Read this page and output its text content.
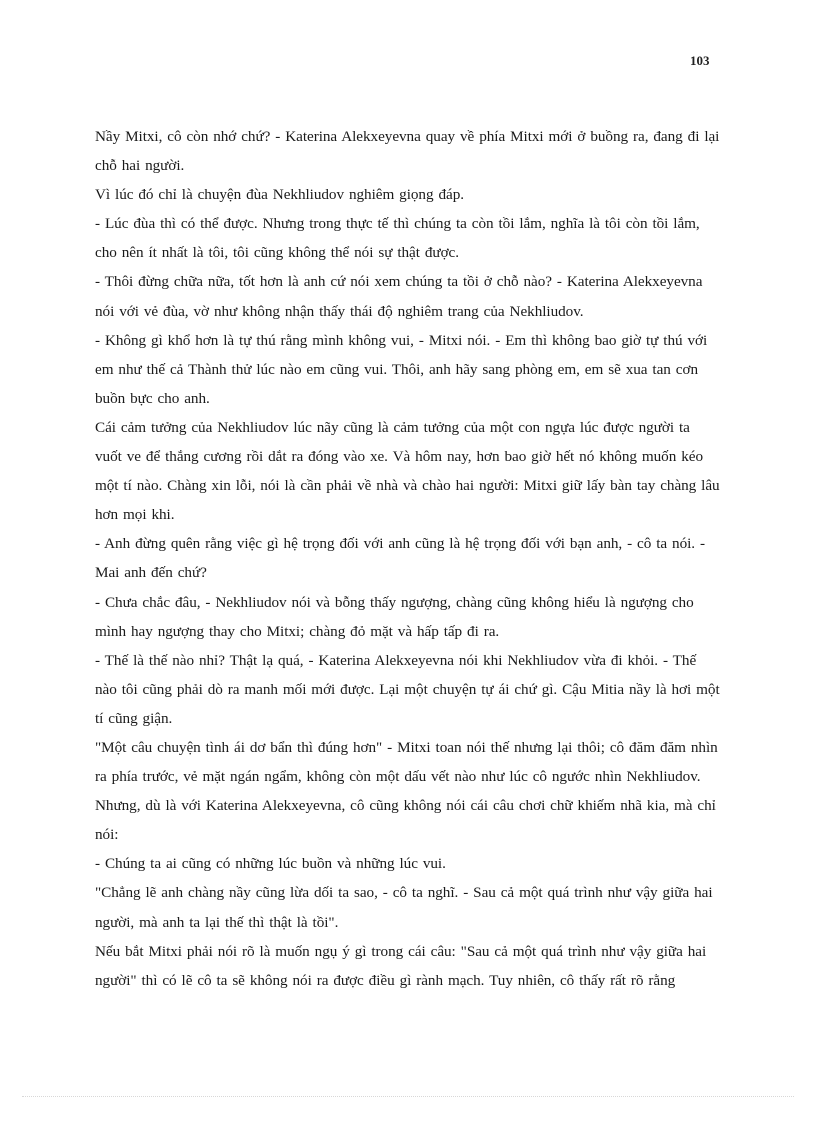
103

Nầy Mitxi, cô còn nhớ chứ? - Katerina Alekxeyevna quay về phía Mitxi mới ở buồng ra, đang đi lại chỗ hai người.

Vì lúc đó chỉ là chuyện đùa Nekhliudov nghiêm giọng đáp.

- Lúc đùa thì có thể được. Nhưng trong thực tế thì chúng ta còn tồi lắm, nghĩa là tôi còn tồi lắm, cho nên ít nhất là tôi, tôi cũng không thể nói sự thật được.

- Thôi đừng chữa nữa, tốt hơn là anh cứ nói xem chúng ta tồi ở chỗ nào? - Katerina Alekxeyevna nói với vẻ đùa, vờ như không nhận thấy thái độ nghiêm trang của Nekhliudov.

- Không gì khổ hơn là tự thú rằng mình không vui, - Mitxi nói. - Em thì không bao giờ tự thú với em như thế cả Thành thử lúc nào em cũng vui. Thôi, anh hãy sang phòng em, em sẽ xua tan cơn buồn bực cho anh.

Cái cảm tưởng của Nekhliudov lúc nãy cũng là cảm tưởng của một con ngựa lúc được người ta vuốt ve để thắng cương rồi dắt ra đóng vào xe. Và hôm nay, hơn bao giờ hết nó không muốn kéo một tí nào. Chàng xin lỗi, nói là cần phải về nhà và chào hai người: Mitxi giữ lấy bàn tay chàng lâu hơn mọi khi.

- Anh đừng quên rằng việc gì hệ trọng đối với anh cũng là hệ trọng đối với bạn anh, - cô ta nói. - Mai anh đến chứ?

- Chưa chắc đâu, - Nekhliudov nói và bỗng thấy ngượng, chàng cũng không hiểu là ngượng cho mình hay ngượng thay cho Mitxi; chàng đỏ mặt và hấp tấp đi ra.

- Thế là thế nào nhỉ? Thật lạ quá, - Katerina Alekxeyevna nói khi Nekhliudov vừa đi khỏi. - Thế nào tôi cũng phải dò ra manh mối mới được. Lại một chuyện tự ái chứ gì. Cậu Mitia nầy là hơi một tí cũng giận.

"Một câu chuyện tình ái dơ bẩn thì đúng hơn" - Mitxi toan nói thế nhưng lại thôi; cô đăm đăm nhìn ra phía trước, vẻ mặt ngán ngẩm, không còn một dấu vết nào như lúc cô ngước nhìn Nekhliudov. Nhưng, dù là với Katerina Alekxeyevna, cô cũng không nói cái câu chơi chữ khiếm nhã kia, mà chỉ nói:

- Chúng ta ai cũng có những lúc buồn và những lúc vui.

"Chẳng lẽ anh chàng nầy cũng lừa dối ta sao, - cô ta nghĩ. - Sau cả một quá trình như vậy giữa hai người, mà anh ta lại thế thì thật là tồi".

Nếu bắt Mitxi phải nói rõ là muốn ngụ ý gì trong cái câu: "Sau cả một quá trình như vậy giữa hai người" thì có lẽ cô ta sẽ không nói ra được điều gì rành mạch. Tuy nhiên, cô thấy rất rõ rằng
